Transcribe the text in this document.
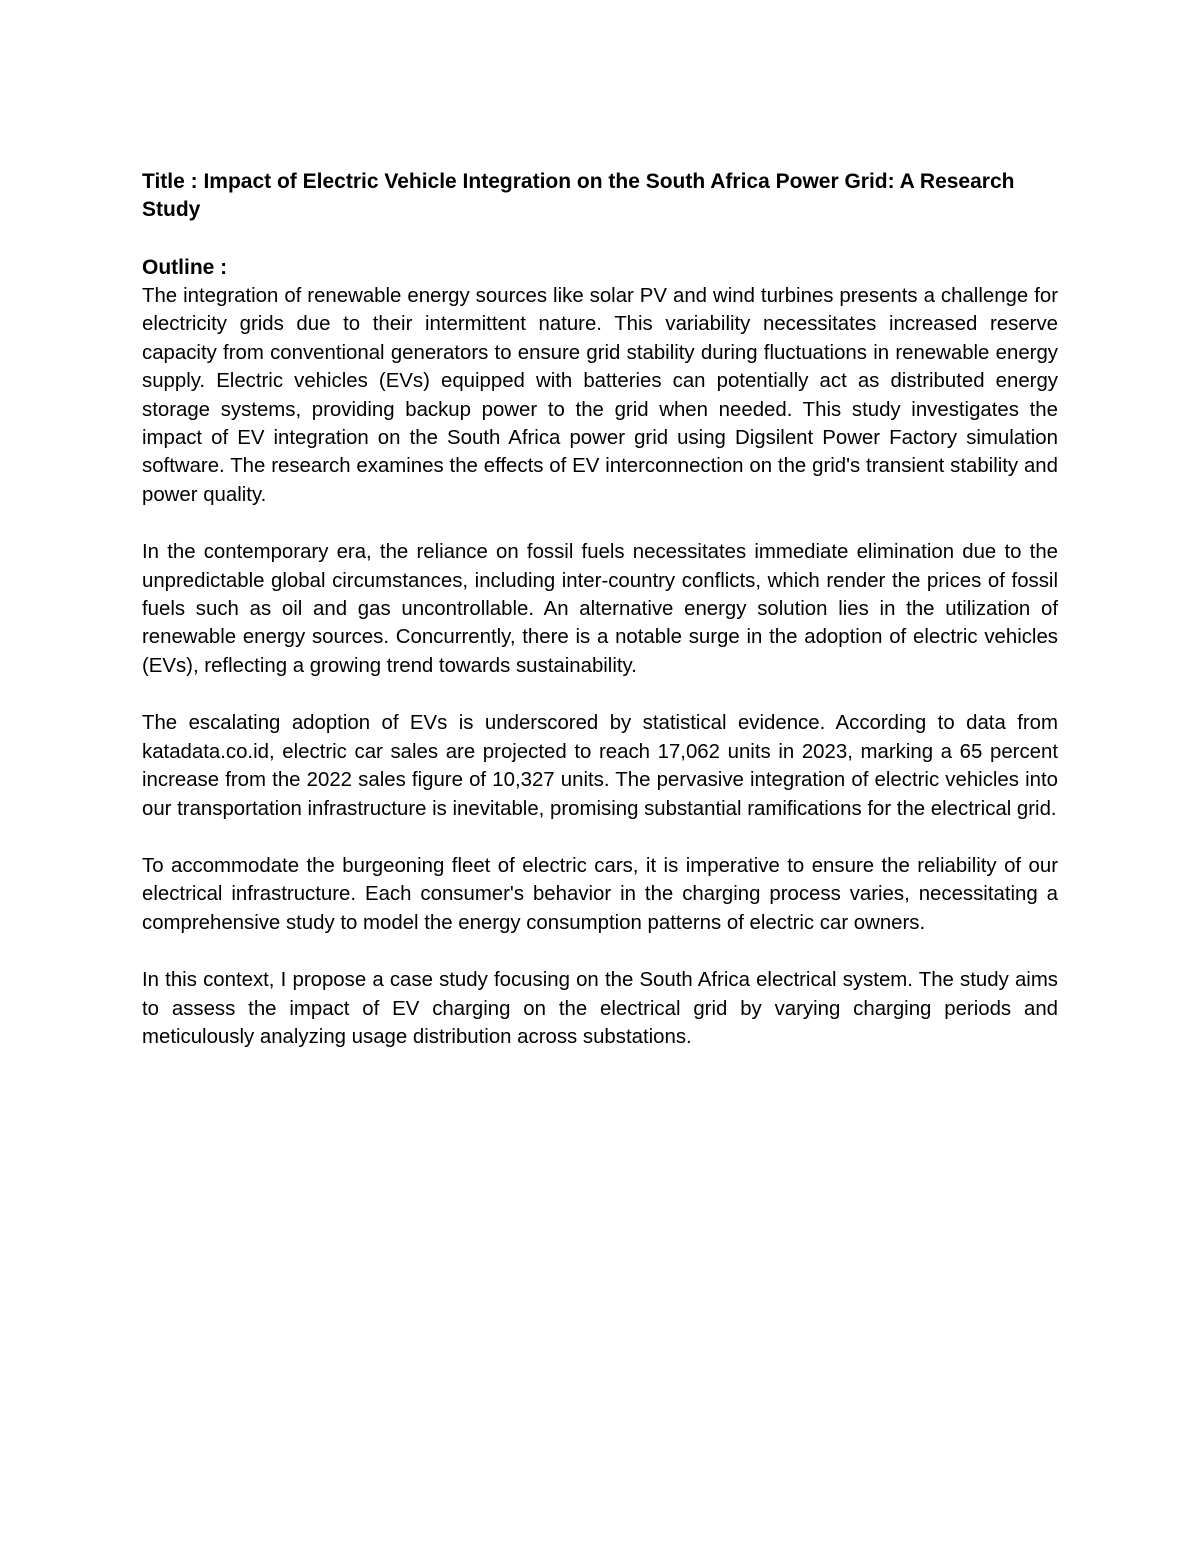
Title : Impact of Electric Vehicle Integration on the South Africa Power Grid: A Research Study
Outline :

The integration of renewable energy sources like solar PV and wind turbines presents a challenge for electricity grids due to their intermittent nature. This variability necessitates increased reserve capacity from conventional generators to ensure grid stability during fluctuations in renewable energy supply. Electric vehicles (EVs) equipped with batteries can potentially act as distributed energy storage systems, providing backup power to the grid when needed. This study investigates the impact of EV integration on the South Africa power grid using Digsilent Power Factory simulation software. The research examines the effects of EV interconnection on the grid's transient stability and power quality.

In the contemporary era, the reliance on fossil fuels necessitates immediate elimination due to the unpredictable global circumstances, including inter-country conflicts, which render the prices of fossil fuels such as oil and gas uncontrollable. An alternative energy solution lies in the utilization of renewable energy sources. Concurrently, there is a notable surge in the adoption of electric vehicles (EVs), reflecting a growing trend towards sustainability.

The escalating adoption of EVs is underscored by statistical evidence. According to data from katadata.co.id, electric car sales are projected to reach 17,062 units in 2023, marking a 65 percent increase from the 2022 sales figure of 10,327 units. The pervasive integration of electric vehicles into our transportation infrastructure is inevitable, promising substantial ramifications for the electrical grid.

To accommodate the burgeoning fleet of electric cars, it is imperative to ensure the reliability of our electrical infrastructure. Each consumer's behavior in the charging process varies, necessitating a comprehensive study to model the energy consumption patterns of electric car owners.

In this context, I propose a case study focusing on the South Africa electrical system. The study aims to assess the impact of EV charging on the electrical grid by varying charging periods and meticulously analyzing usage distribution across substations.
